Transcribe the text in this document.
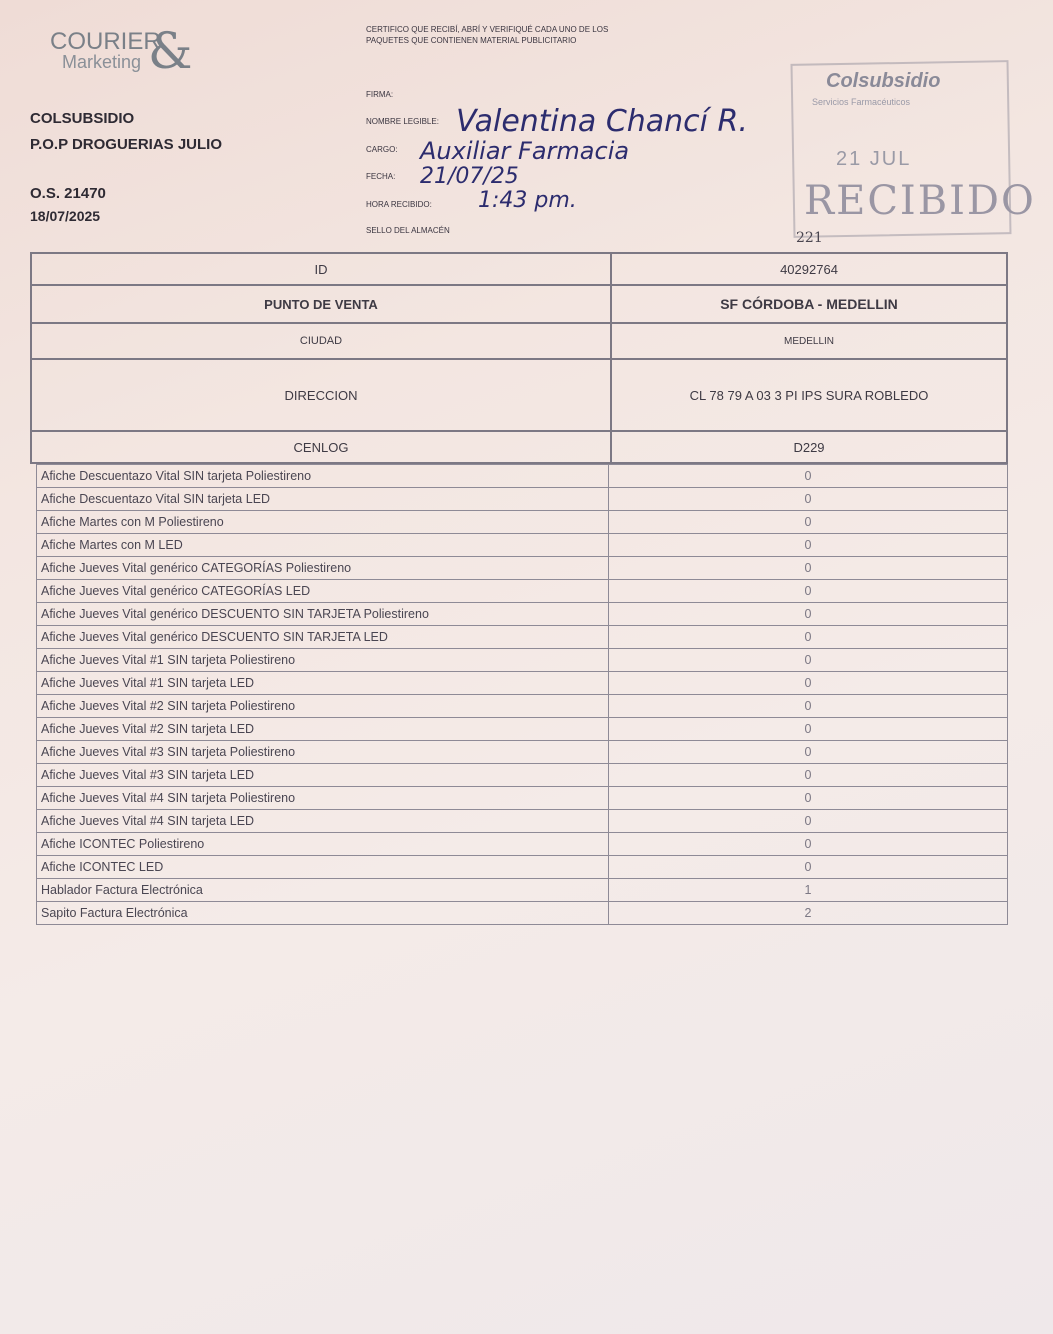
COURIER
Marketing &
COLSUBSIDIO
P.O.P DROGUERIAS JULIO
O.S. 21470
18/07/2025
CERTIFICO QUE RECIBÍ, ABRÍ Y VERIFIQUÉ CADA UNO DE LOS PAQUETES QUE CONTIENEN MATERIAL PUBLICITARIO
FIRMA:
NOMBRE LEGIBLE: Valentina Chancí R.
CARGO: Auxiliar Farmacia
FECHA: 21/07/25
HORA RECIBIDO: 1:43 pm.
SELLO DEL ALMACÉN
Colsubsidio
Servicios Farmacéuticos
21 JUL
RECIBIDO
221
ID	40292764
PUNTO DE VENTA	SF CÓRDOBA - MEDELLIN
CIUDAD	MEDELLIN
DIRECCION	CL 78 79 A 03 3 PI IPS SURA ROBLEDO
CENLOG	D229
Afiche Descuentazo Vital SIN tarjeta Poliestireno	0
Afiche Descuentazo Vital SIN tarjeta LED	0
Afiche Martes con M Poliestireno	0
Afiche Martes con M LED	0
Afiche Jueves Vital genérico CATEGORÍAS Poliestireno	0
Afiche Jueves Vital genérico CATEGORÍAS LED	0
Afiche Jueves Vital genérico DESCUENTO SIN TARJETA Poliestireno	0
Afiche Jueves Vital genérico DESCUENTO SIN TARJETA LED	0
Afiche Jueves Vital #1 SIN tarjeta Poliestireno	0
Afiche Jueves Vital #1 SIN tarjeta LED	0
Afiche Jueves Vital #2 SIN tarjeta Poliestireno	0
Afiche Jueves Vital #2 SIN tarjeta LED	0
Afiche Jueves Vital #3 SIN tarjeta Poliestireno	0
Afiche Jueves Vital #3 SIN tarjeta LED	0
Afiche Jueves Vital #4 SIN tarjeta Poliestireno	0
Afiche Jueves Vital #4 SIN tarjeta LED	0
Afiche ICONTEC Poliestireno	0
Afiche ICONTEC LED	0
Hablador Factura Electrónica	1
Sapito Factura Electrónica	2
